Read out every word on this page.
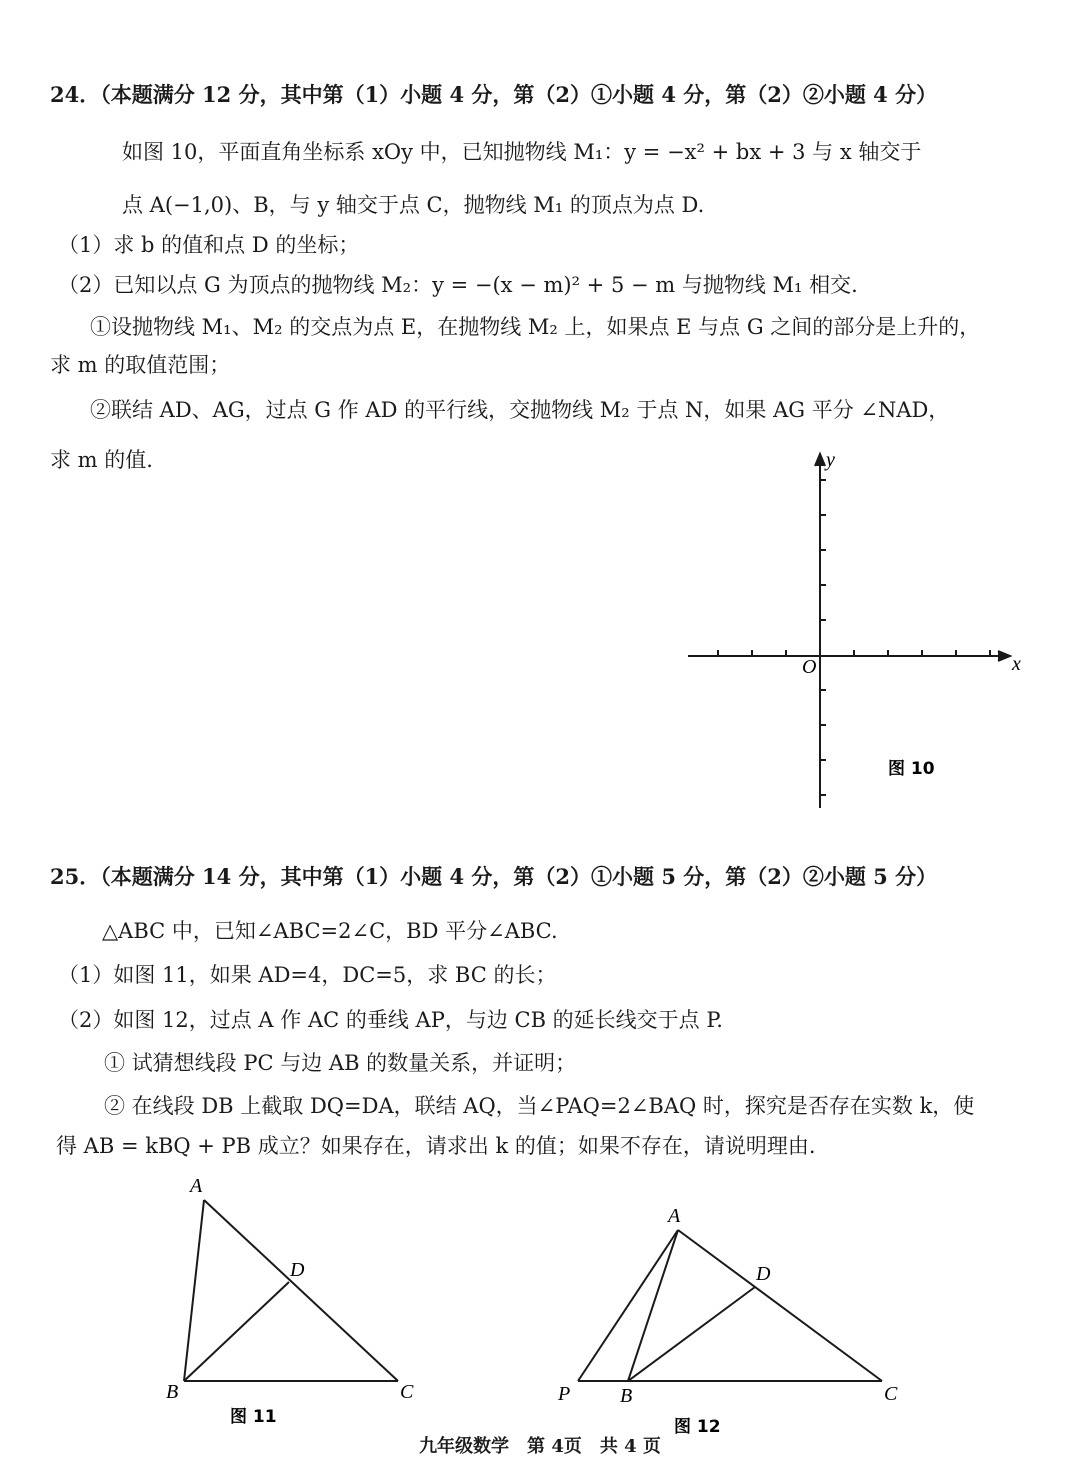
24．（本题满分 12 分，其中第（1）小题 4 分，第（2）①小题 4 分，第（2）②小题 4 分）
如图 10，平面直角坐标系 xOy 中，已知抛物线 M₁：y = −x² + bx + 3 与 x 轴交于
点 A(−1,0)、B，与 y 轴交于点 C，抛物线 M₁ 的顶点为点 D.
（1）求 b 的值和点 D 的坐标；
（2）已知以点 G 为顶点的抛物线 M₂：y = −(x − m)² + 5 − m 与抛物线 M₁ 相交.
①设抛物线 M₁、M₂ 的交点为点 E，在抛物线 M₂ 上，如果点 E 与点 G 之间的部分是上升的，
求 m 的取值范围；
②联结 AD、AG，过点 G 作 AD 的平行线，交抛物线 M₂ 于点 N，如果 AG 平分 ∠NAD，
求 m 的值.	y
x
O
图 10
25．（本题满分 14 分，其中第（1）小题 4 分，第（2）①小题 5 分，第（2）②小题 5 分）
△ABC 中，已知∠ABC=2∠C，BD 平分∠ABC.
（1）如图 11，如果 AD=4，DC=5，求 BC 的长；
（2）如图 12，过点 A 作 AC 的垂线 AP，与边 CB 的延长线交于点 P.
① 试猜想线段 PC 与边 AB 的数量关系，并证明；
② 在线段 DB 上截取 DQ=DA，联结 AQ，当∠PAQ=2∠BAQ 时，探究是否存在实数 k，使
得 AB = kBQ + PB 成立？如果存在，请求出 k 的值；如果不存在，请说明理由.
A
D
B	C
图 11
A
D
P B	C
图 12
九年级数学　第 4页　共 4 页
